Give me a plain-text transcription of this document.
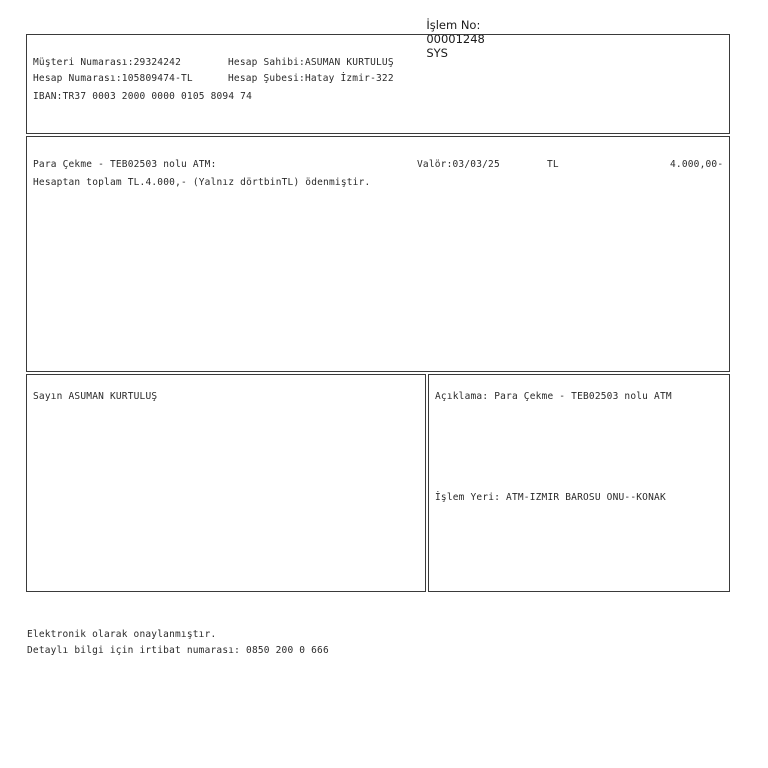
İşlem No:
00001248
SYS

Müşteri Numarası:29324242	Hesap Sahibi:ASUMAN KURTULUŞ
Hesap Numarası:105809474-TL	Hesap Şubesi:Hatay İzmir-322
IBAN:TR37 0003 2000 0000 0105 8094 74
Para Çekme - TEB02503 nolu ATM:	Valör:03/03/25	TL	4.000,00-
Hesaptan toplam TL.4.000,- (Yalnız dörtbinTL) ödenmiştir.
Sayın ASUMAN KURTULUŞ	Açıklama: Para Çekme - TEB02503 nolu ATM
İşlem Yeri: ATM-IZMIR BAROSU ONU--KONAK
Elektronik olarak onaylanmıştır.
Detaylı bilgi için irtibat numarası: 0850 200 0 666
